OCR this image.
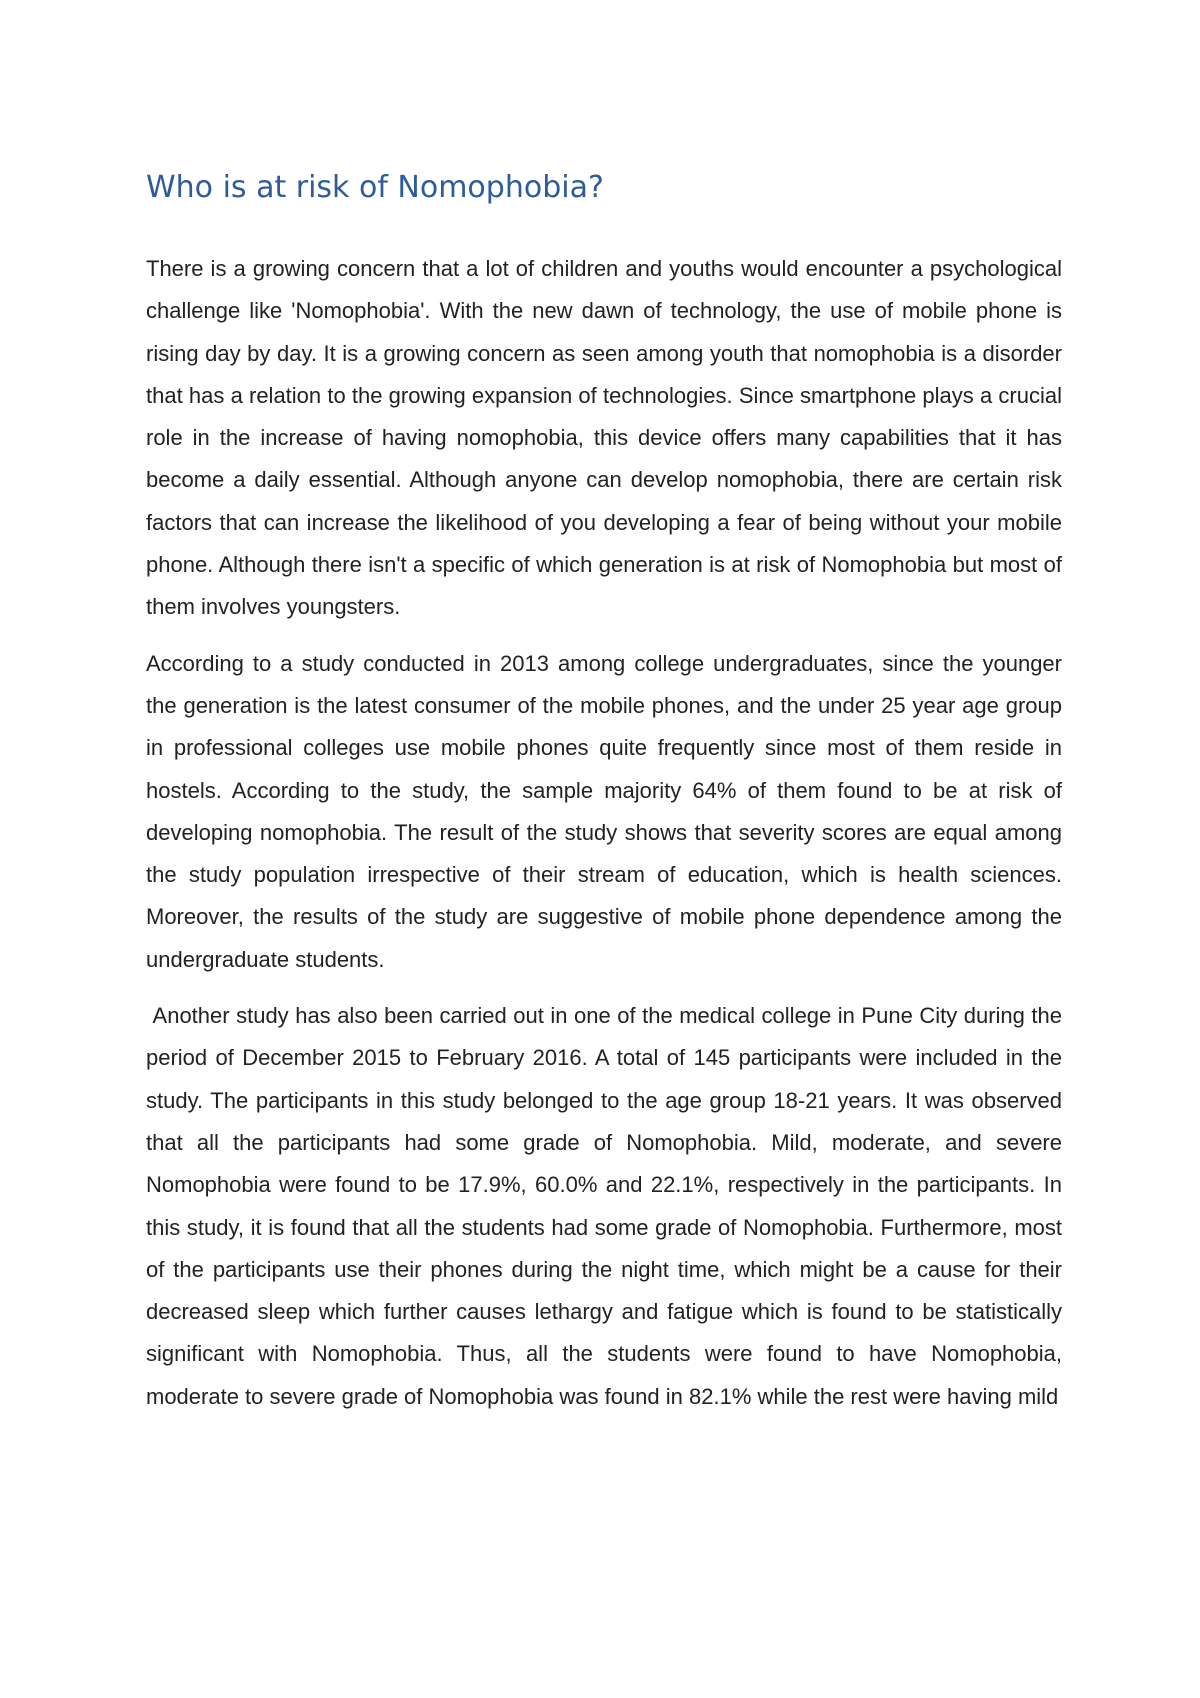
Who is at risk of Nomophobia?

There is a growing concern that a lot of children and youths would encounter a psychological challenge like 'Nomophobia'. With the new dawn of technology, the use of mobile phone is rising day by day. It is a growing concern as seen among youth that nomophobia is a disorder that has a relation to the growing expansion of technologies. Since smartphone plays a crucial role in the increase of having nomophobia, this device offers many capabilities that it has become a daily essential. Although anyone can develop nomophobia, there are certain risk factors that can increase the likelihood of you developing a fear of being without your mobile phone. Although there isn't a specific of which generation is at risk of Nomophobia but most of them involves youngsters.

According to a study conducted in 2013 among college undergraduates, since the younger the generation is the latest consumer of the mobile phones, and the under 25 year age group in professional colleges use mobile phones quite frequently since most of them reside in hostels. According to the study, the sample majority 64% of them found to be at risk of developing nomophobia. The result of the study shows that severity scores are equal among the study population irrespective of their stream of education, which is health sciences. Moreover, the results of the study are suggestive of mobile phone dependence among the undergraduate students.

Another study has also been carried out in one of the medical college in Pune City during the period of December 2015 to February 2016. A total of 145 participants were included in the study. The participants in this study belonged to the age group 18-21 years. It was observed that all the participants had some grade of Nomophobia. Mild, moderate, and severe Nomophobia were found to be 17.9%, 60.0% and 22.1%, respectively in the participants. In this study, it is found that all the students had some grade of Nomophobia. Furthermore, most of the participants use their phones during the night time, which might be a cause for their decreased sleep which further causes lethargy and fatigue which is found to be statistically significant with Nomophobia. Thus, all the students were found to have Nomophobia, moderate to severe grade of Nomophobia was found in 82.1% while the rest were having mild
